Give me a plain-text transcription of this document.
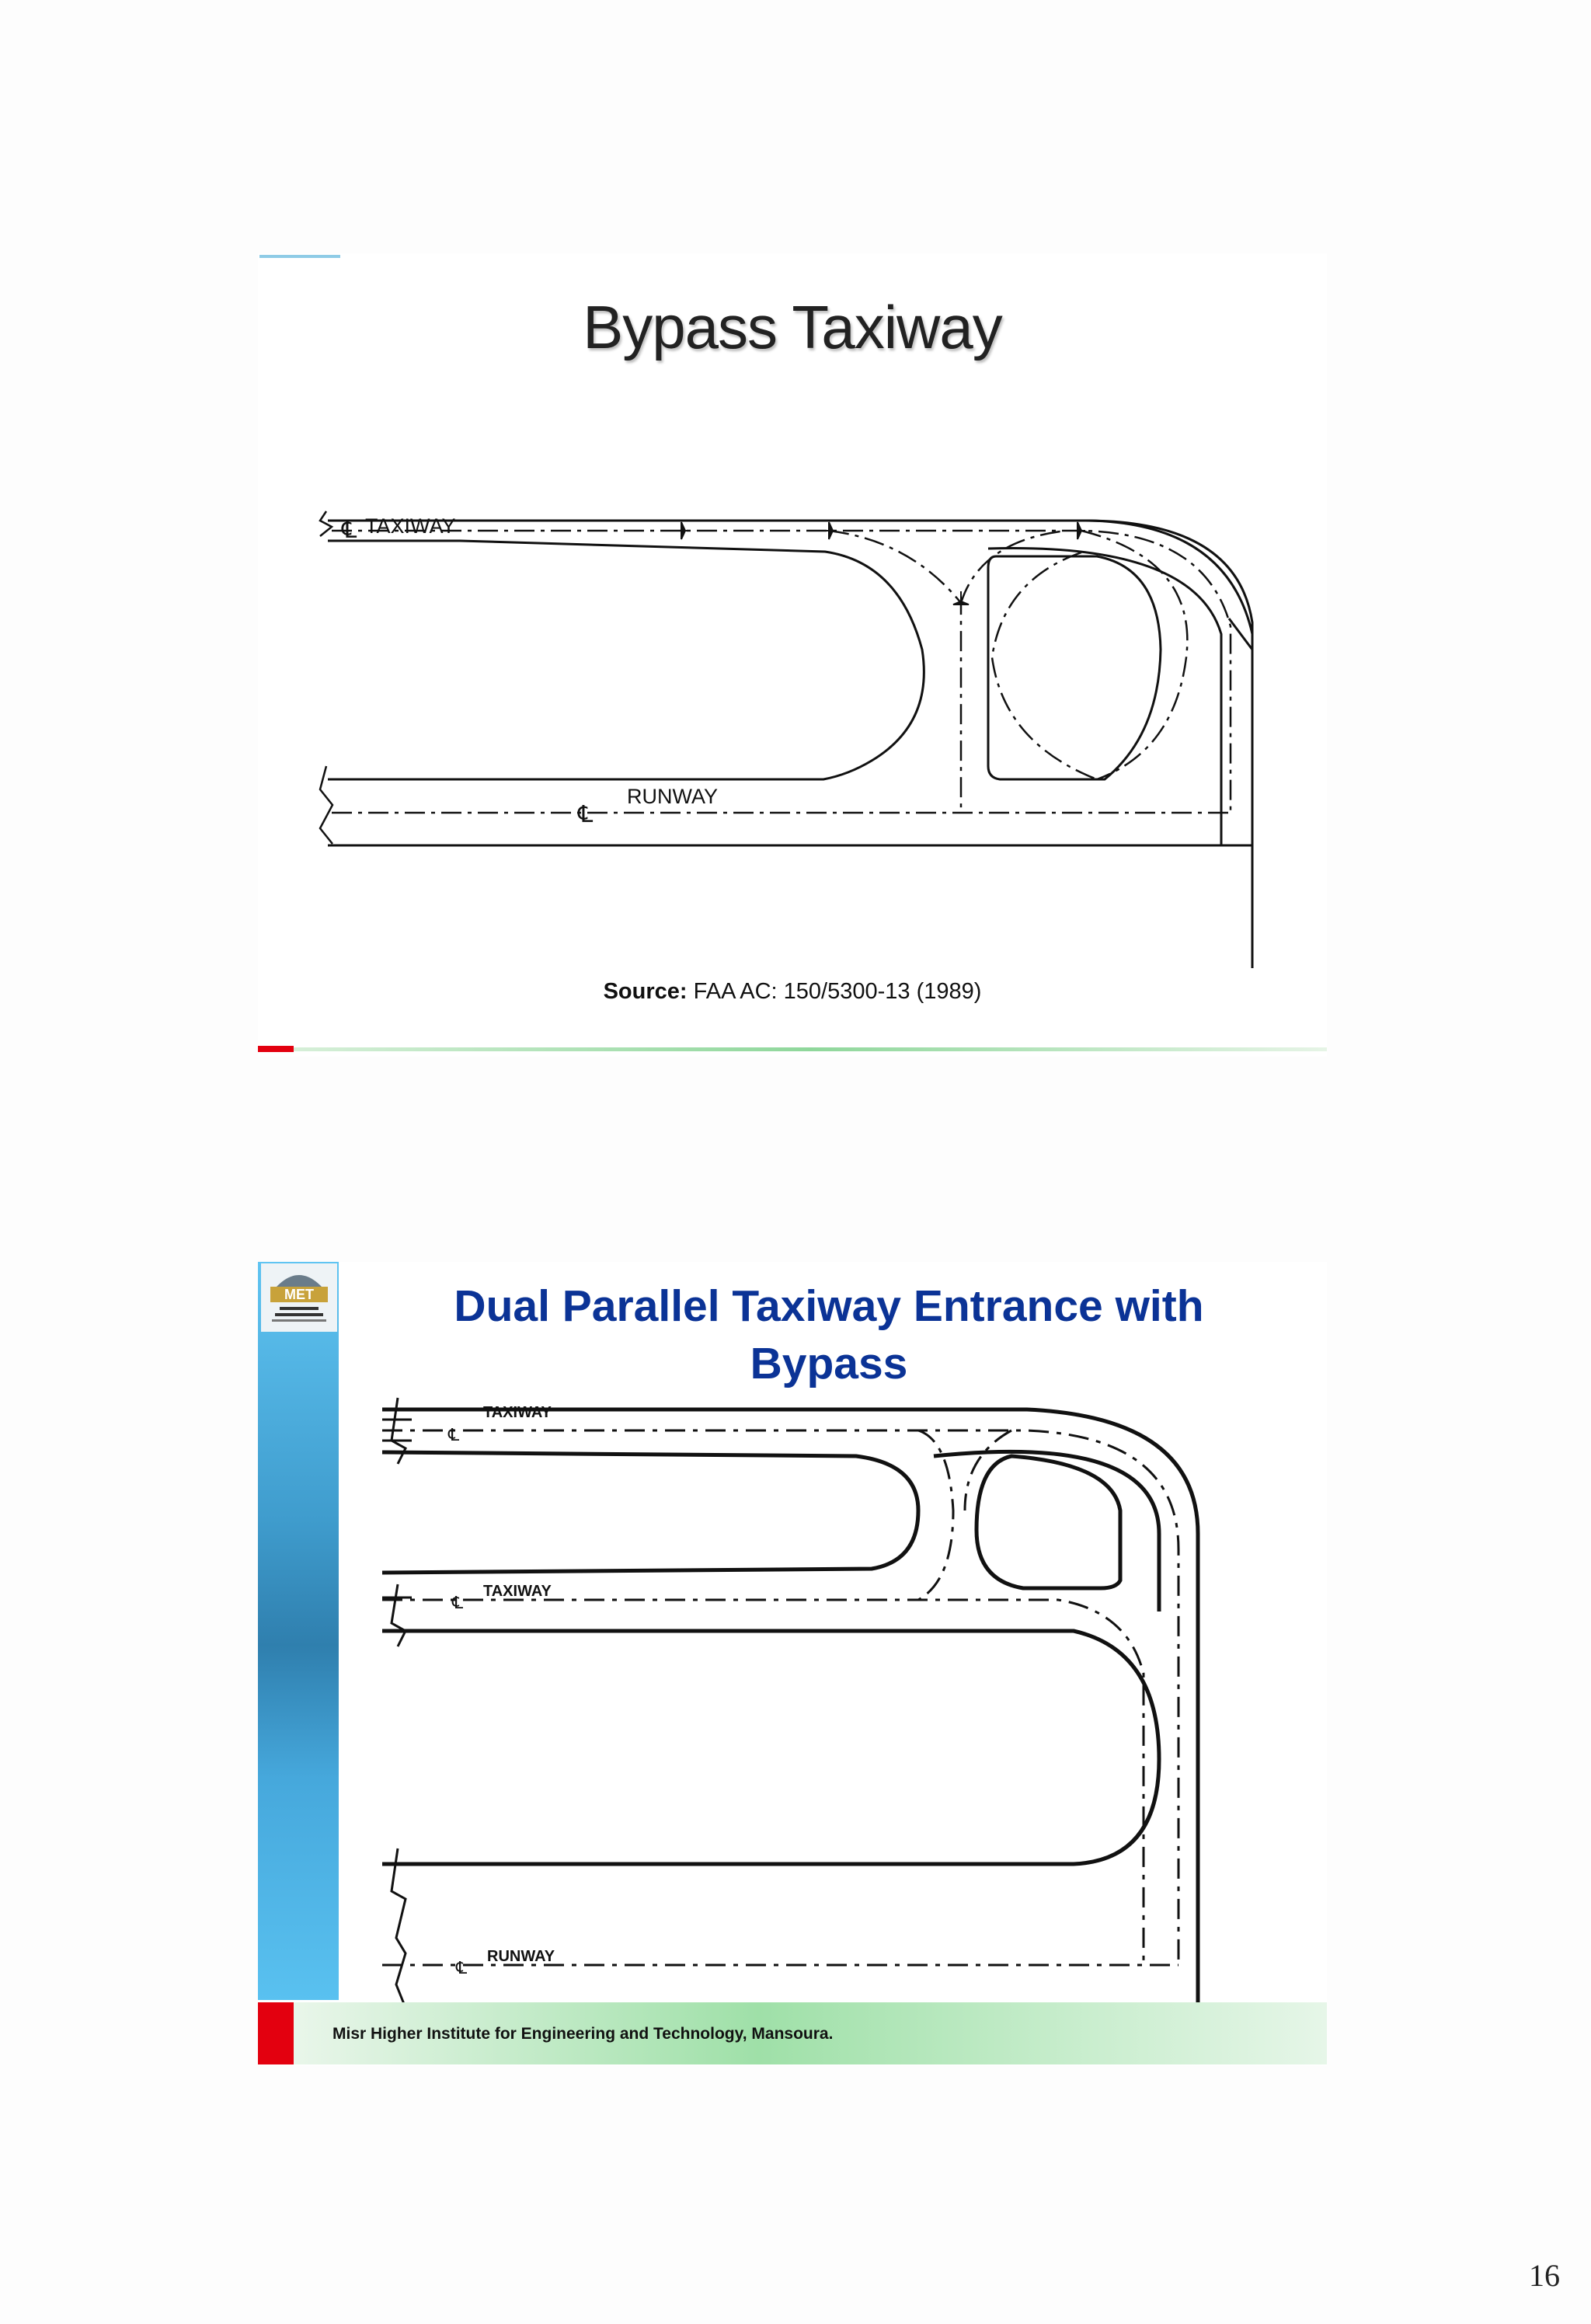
Bypass Taxiway
TAXIWAY
℄
RUNWAY
℄
Source: FAA AC: 150/5300-13 (1989)
MET	Dual Parallel Taxiway Entrance with
Bypass
TAXIWAY
℄
TAXIWAY
℄
RUNWAY
℄
Misr Higher Institute for Engineering and Technology, Mansoura.
16
